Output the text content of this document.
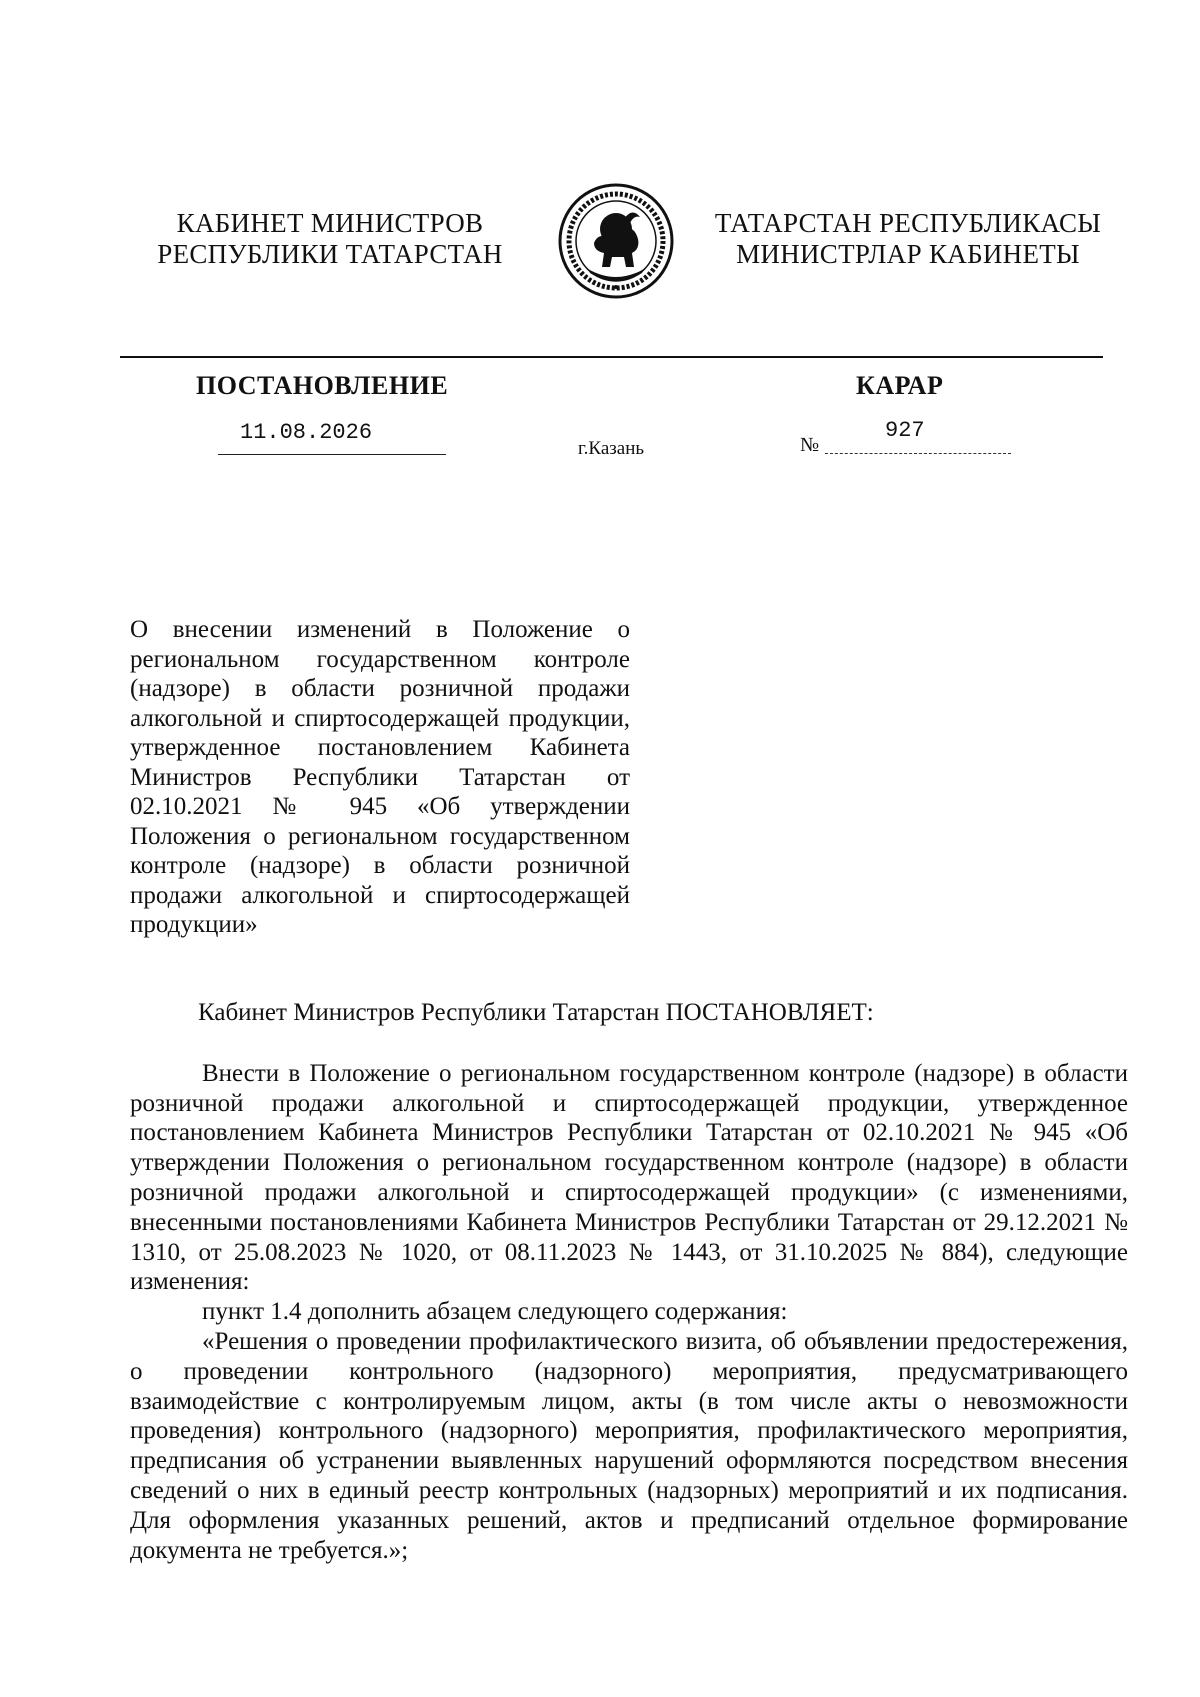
КАБИНЕТ МИНИСТРОВ
РЕСПУБЛИКИ ТАТАРСТАН
ТАТАРСТАН РЕСПУБЛИКАСЫ
МИНИСТРЛАР КАБИНЕТЫ
ПОСТАНОВЛЕНИЕ	КАРАР
11.08.2026
г.Казань	№
927
О внесении изменений в Положение о региональном государственном контроле (надзоре) в области розничной продажи алкогольной и спиртосодержащей продукции, утвержденное постановлением Кабинета Министров Республики Татарстан от 02.10.2021 № 945 «Об утверждении Положения о региональном государственном контроле (надзоре) в области розничной продажи алкогольной и спиртосодержащей продукции»

Кабинет Министров Республики Татарстан ПОСТАНОВЛЯЕТ:

Внести в Положение о региональном государственном контроле (надзоре) в области розничной продажи алкогольной и спиртосодержащей продукции, утвержденное постановлением Кабинета Министров Республики Татарстан от 02.10.2021 № 945 «Об утверждении Положения о региональном государственном контроле (надзоре) в области розничной продажи алкогольной и спиртосодержащей продукции» (с изменениями, внесенными постановлениями Кабинета Министров Республики Татарстан от 29.12.2021 № 1310, от 25.08.2023 № 1020, от 08.11.2023 № 1443, от 31.10.2025 № 884), следующие изменения:

пункт 1.4 дополнить абзацем следующего содержания:

«Решения о проведении профилактического визита, об объявлении предостережения, о проведении контрольного (надзорного) мероприятия, предусматривающего взаимодействие с контролируемым лицом, акты (в том числе акты о невозможности проведения) контрольного (надзорного) мероприятия, профилактического мероприятия, предписания об устранении выявленных нарушений оформляются посредством внесения сведений о них в единый реестр контрольных (надзорных) мероприятий и их подписания. Для оформления указанных решений, актов и предписаний отдельное формирование документа не требуется.»;
